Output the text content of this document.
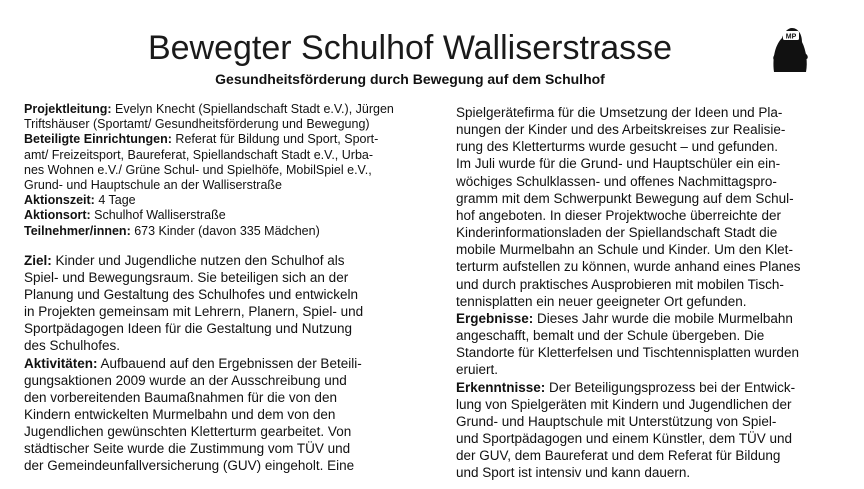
Bewegter Schulhof Walliserstrasse
Gesundheitsförderung durch Bewegung auf dem Schulhof
MP
Projektleitung: Evelyn Knecht (Spiellandschaft Stadt e.V.), Jürgen
Triftshäuser (Sportamt/ Gesundheitsförderung und Bewegung)
Beteiligte Einrichtungen: Referat für Bildung und Sport, Sport-
amt/ Freizeitsport, Baureferat, Spiellandschaft Stadt e.V., Urba-
nes Wohnen e.V./ Grüne Schul- und Spielhöfe, MobilSpiel e.V.,
Grund- und Hauptschule an der Walliserstraße
Aktionszeit: 4 Tage
Aktionsort: Schulhof Walliserstraße
Teilnehmer/innen: 673 Kinder (davon 335 Mädchen)
Ziel: Kinder und Jugendliche nutzen den Schulhof als
Spiel- und Bewegungsraum. Sie beteiligen sich an der
Planung und Gestaltung des Schulhofes und entwickeln
in Projekten gemeinsam mit Lehrern, Planern, Spiel- und
Sportpädagogen Ideen für die Gestaltung und Nutzung
des Schulhofes.
Aktivitäten: Aufbauend auf den Ergebnissen der Beteili-
gungsaktionen 2009 wurde an der Ausschreibung und
den vorbereitenden Baumaßnahmen für die von den
Kindern entwickelten Murmelbahn und dem von den
Jugendlichen gewünschten Kletterturm gearbeitet. Von
städtischer Seite wurde die Zustimmung vom TÜV und
der Gemeindeunfallversicherung (GUV) eingeholt. Eine
Spielgerätefirma für die Umsetzung der Ideen und Pla-
nungen der Kinder und des Arbeitskreises zur Realisie-
rung des Kletterturms wurde gesucht – und gefunden.
Im Juli wurde für die Grund- und Hauptschüler ein ein-
wöchiges Schulklassen- und offenes Nachmittagspro-
gramm mit dem Schwerpunkt Bewegung auf dem Schul-
hof angeboten. In dieser Projektwoche überreichte der
Kinderinformationsladen der Spiellandschaft Stadt die
mobile Murmelbahn an Schule und Kinder. Um den Klet-
terturm aufstellen zu können, wurde anhand eines Planes
und durch praktisches Ausprobieren mit mobilen Tisch-
tennisplatten ein neuer geeigneter Ort gefunden.
Ergebnisse: Dieses Jahr wurde die mobile Murmelbahn
angeschafft, bemalt und der Schule übergeben. Die
Standorte für Kletterfelsen und Tischtennisplatten wurden
eruiert.
Erkenntnisse: Der Beteiligungsprozess bei der Entwick-
lung von Spielgeräten mit Kindern und Jugendlichen der
Grund- und Hauptschule mit Unterstützung von Spiel-
und Sportpädagogen und einem Künstler, dem TÜV und
der GUV, dem Baureferat und dem Referat für Bildung
und Sport ist intensiv und kann dauern.
